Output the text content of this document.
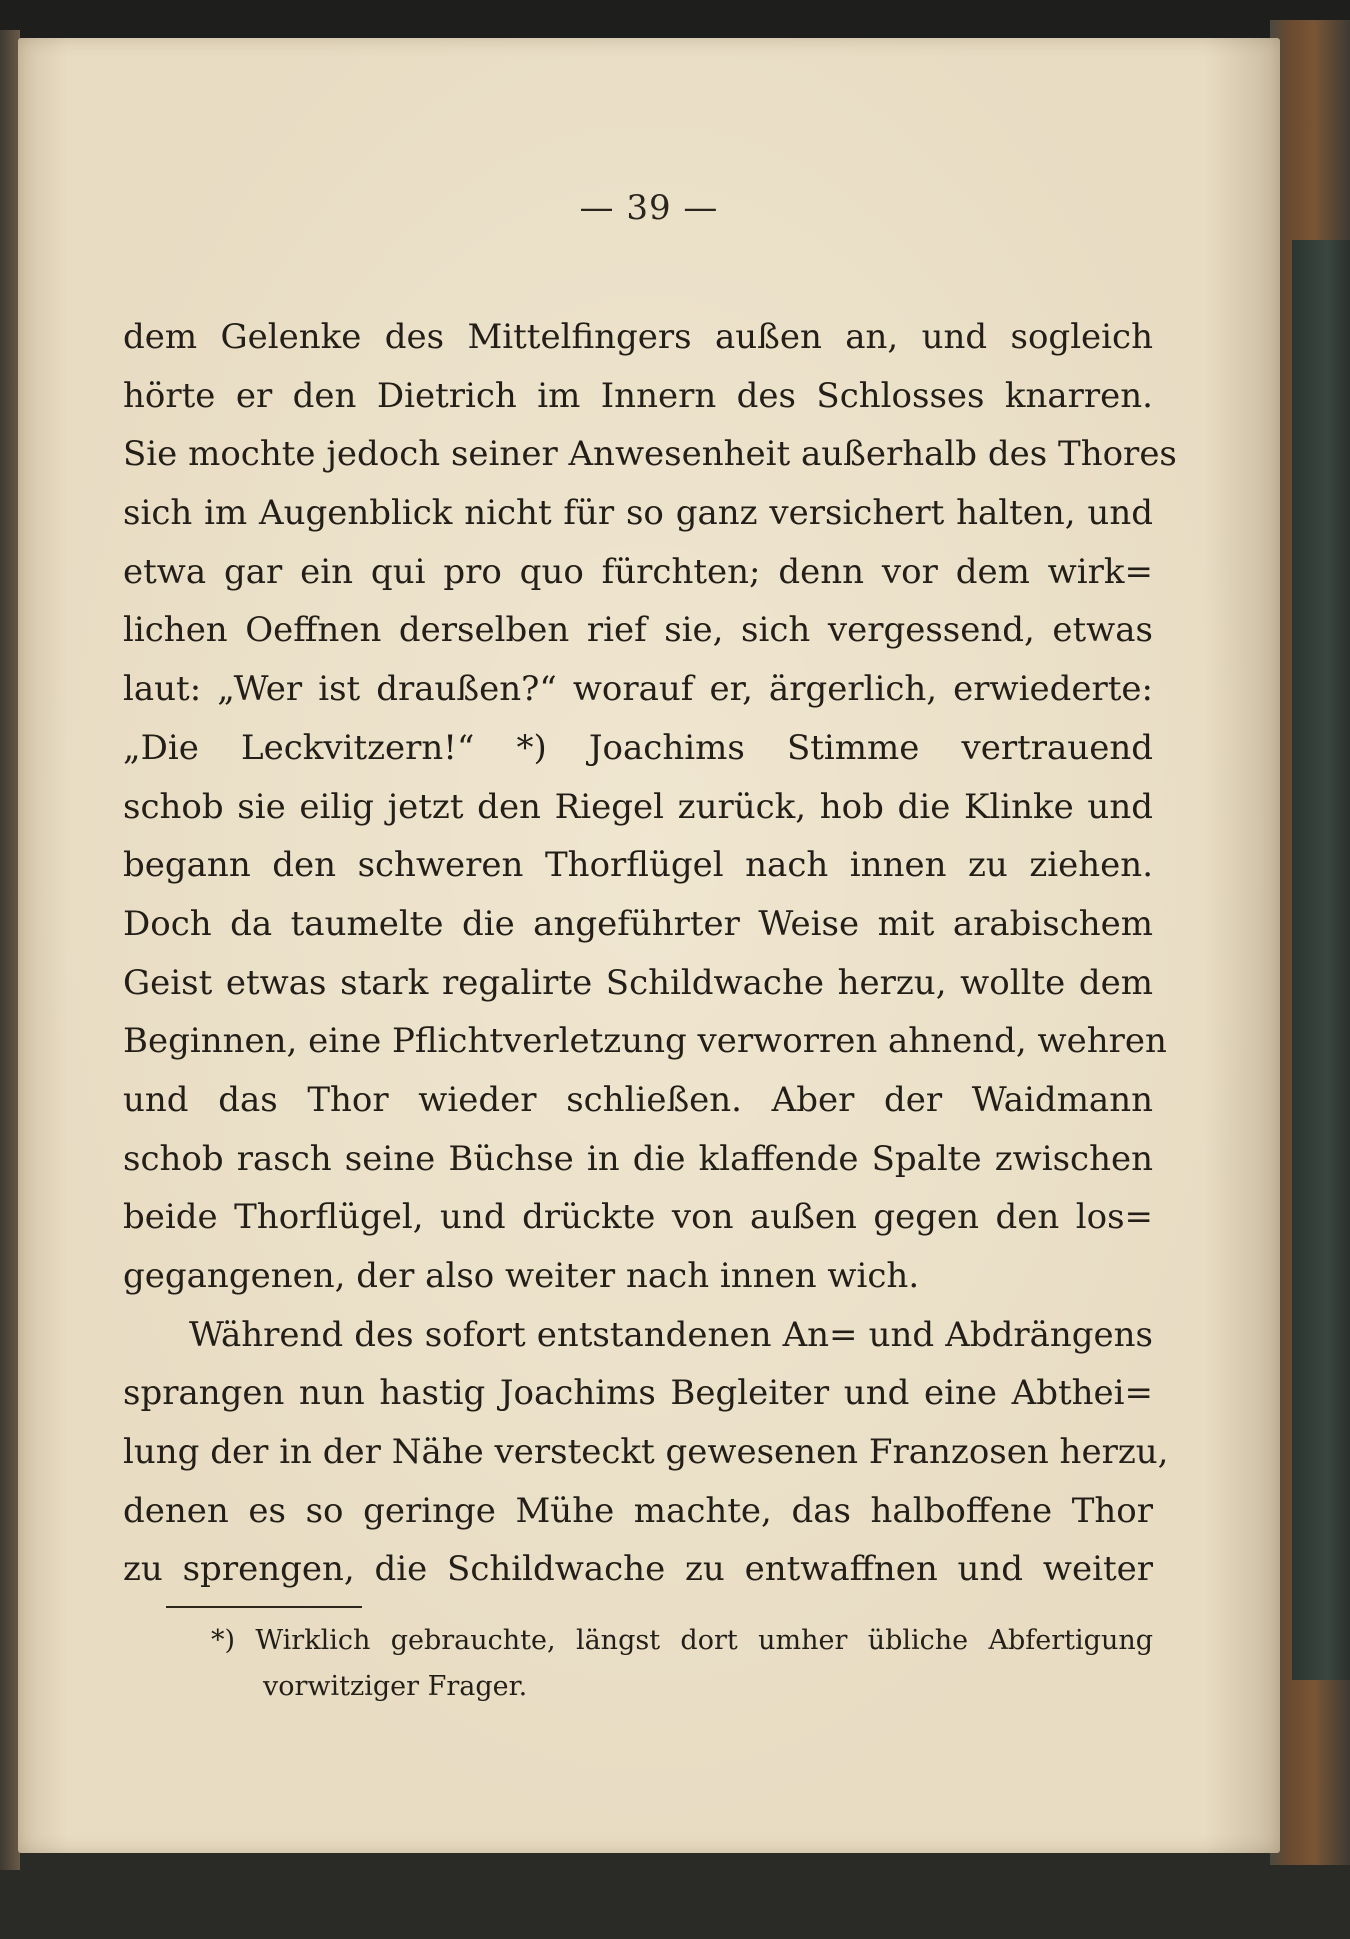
— 39 —
dem Gelenke des Mittelfingers außen an, und sogleich
hörte er den Dietrich im Innern des Schlosses knarren.
Sie mochte jedoch seiner Anwesenheit außerhalb des Thores
sich im Augenblick nicht für so ganz versichert halten, und
etwa gar ein qui pro quo fürchten; denn vor dem wirk=
lichen Oeffnen derselben rief sie, sich vergessend, etwas
laut: „Wer ist draußen?“ worauf er, ärgerlich, erwiederte:
„Die Leckvitzern!“ *) Joachims Stimme vertrauend
schob sie eilig jetzt den Riegel zurück, hob die Klinke und
begann den schweren Thorflügel nach innen zu ziehen.
Doch da taumelte die angeführter Weise mit arabischem
Geist etwas stark regalirte Schildwache herzu, wollte dem
Beginnen, eine Pflichtverletzung verworren ahnend, wehren
und das Thor wieder schließen. Aber der Waidmann
schob rasch seine Büchse in die klaffende Spalte zwischen
beide Thorflügel, und drückte von außen gegen den los=
gegangenen, der also weiter nach innen wich.
Während des sofort entstandenen An= und Abdrängens
sprangen nun hastig Joachims Begleiter und eine Abthei=
lung der in der Nähe versteckt gewesenen Franzosen herzu,
denen es so geringe Mühe machte, das halboffene Thor
zu sprengen, die Schildwache zu entwaffnen und weiter
*) Wirklich gebrauchte, längst dort umher übliche Abfertigung
vorwitziger Frager.
